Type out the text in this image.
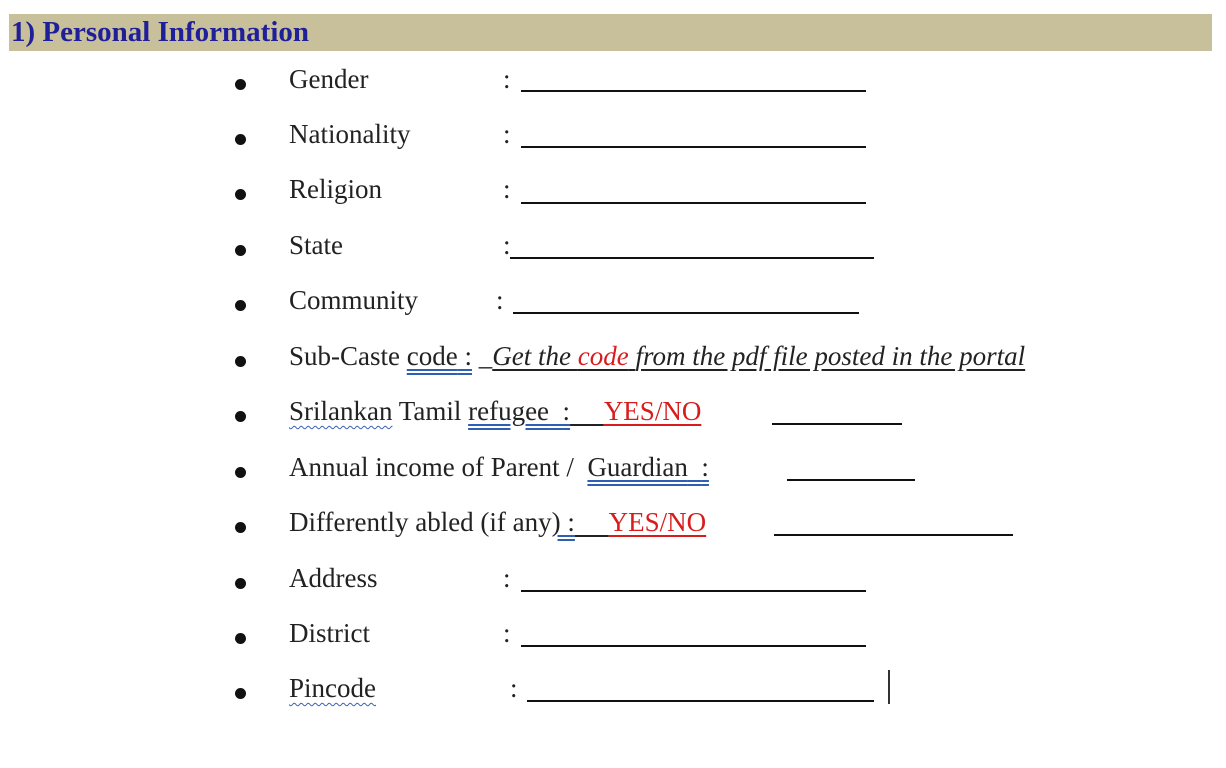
1) Personal Information
Gender	:
Nationality	:
Religion	:
State	:
Community	:
Sub-Caste code : _Get the code from the pdf file posted in the portal
Srilankan Tamil refugee : YES/NO
Annual income of Parent / Guardian :
Differently abled (if any) : YES/NO
Address	:
District	:
Pincode	:
